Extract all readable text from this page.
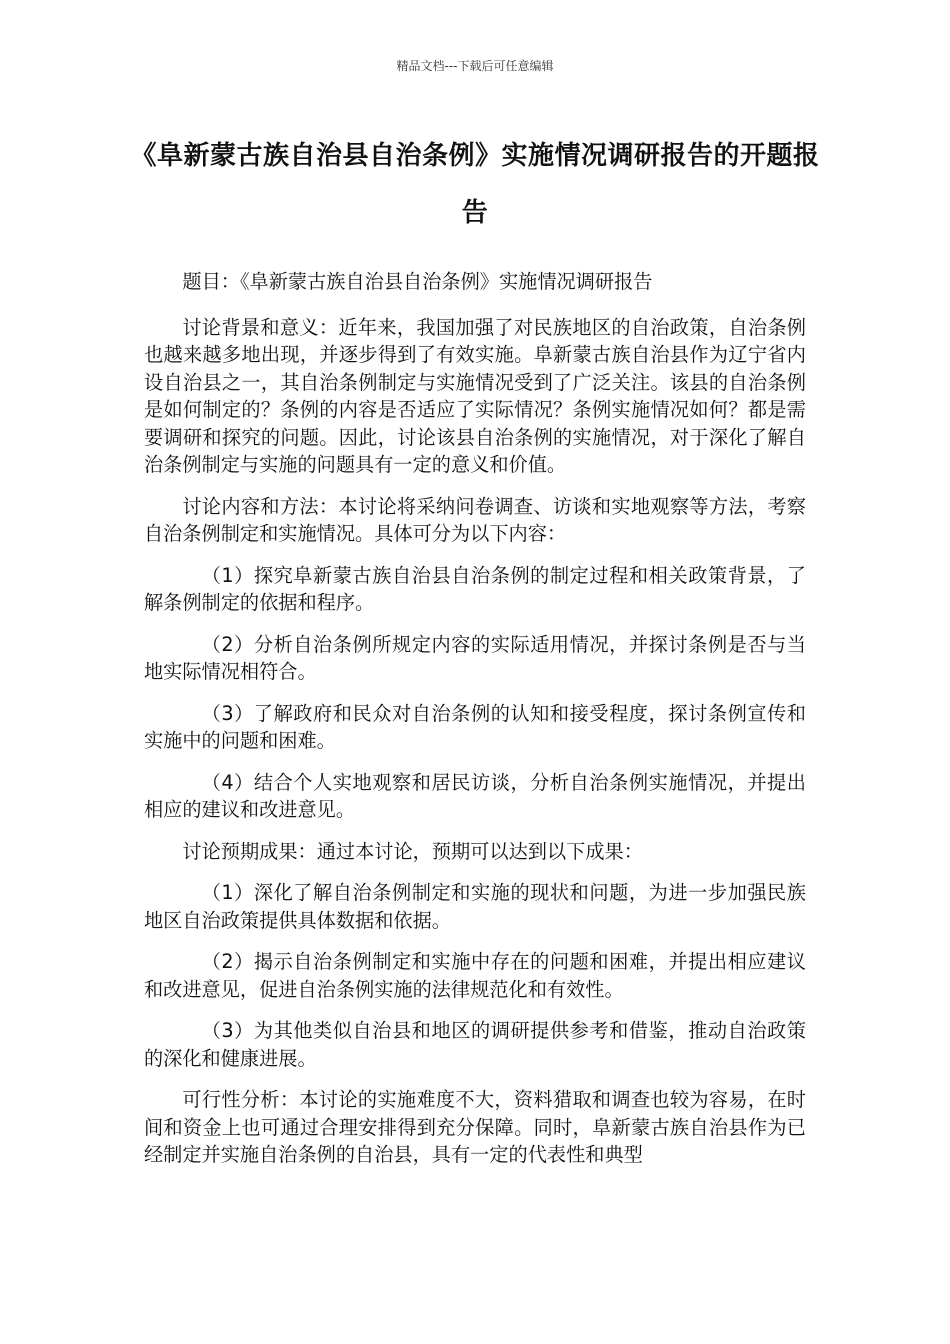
精品文档---下载后可任意编辑
《阜新蒙古族自治县自治条例》实施情况调研报告的开题报告

题目：《阜新蒙古族自治县自治条例》实施情况调研报告

讨论背景和意义：近年来，我国加强了对民族地区的自治政策，自治条例也越来越多地出现，并逐步得到了有效实施。阜新蒙古族自治县作为辽宁省内设自治县之一，其自治条例制定与实施情况受到了广泛关注。该县的自治条例是如何制定的？条例的内容是否适应了实际情况？条例实施情况如何？都是需要调研和探究的问题。因此，讨论该县自治条例的实施情况，对于深化了解自治条例制定与实施的问题具有一定的意义和价值。

讨论内容和方法：本讨论将采纳问卷调查、访谈和实地观察等方法，考察自治条例制定和实施情况。具体可分为以下内容：

（1）探究阜新蒙古族自治县自治条例的制定过程和相关政策背景，了解条例制定的依据和程序。

（2）分析自治条例所规定内容的实际适用情况，并探讨条例是否与当地实际情况相符合。

（3）了解政府和民众对自治条例的认知和接受程度，探讨条例宣传和实施中的问题和困难。

（4）结合个人实地观察和居民访谈，分析自治条例实施情况，并提出相应的建议和改进意见。

讨论预期成果：通过本讨论，预期可以达到以下成果：

（1）深化了解自治条例制定和实施的现状和问题，为进一步加强民族地区自治政策提供具体数据和依据。

（2）揭示自治条例制定和实施中存在的问题和困难，并提出相应建议和改进意见，促进自治条例实施的法律规范化和有效性。

（3）为其他类似自治县和地区的调研提供参考和借鉴，推动自治政策的深化和健康进展。

可行性分析：本讨论的实施难度不大，资料猎取和调查也较为容易，在时间和资金上也可通过合理安排得到充分保障。同时，阜新蒙古族自治县作为已经制定并实施自治条例的自治县，具有一定的代表性和典型
